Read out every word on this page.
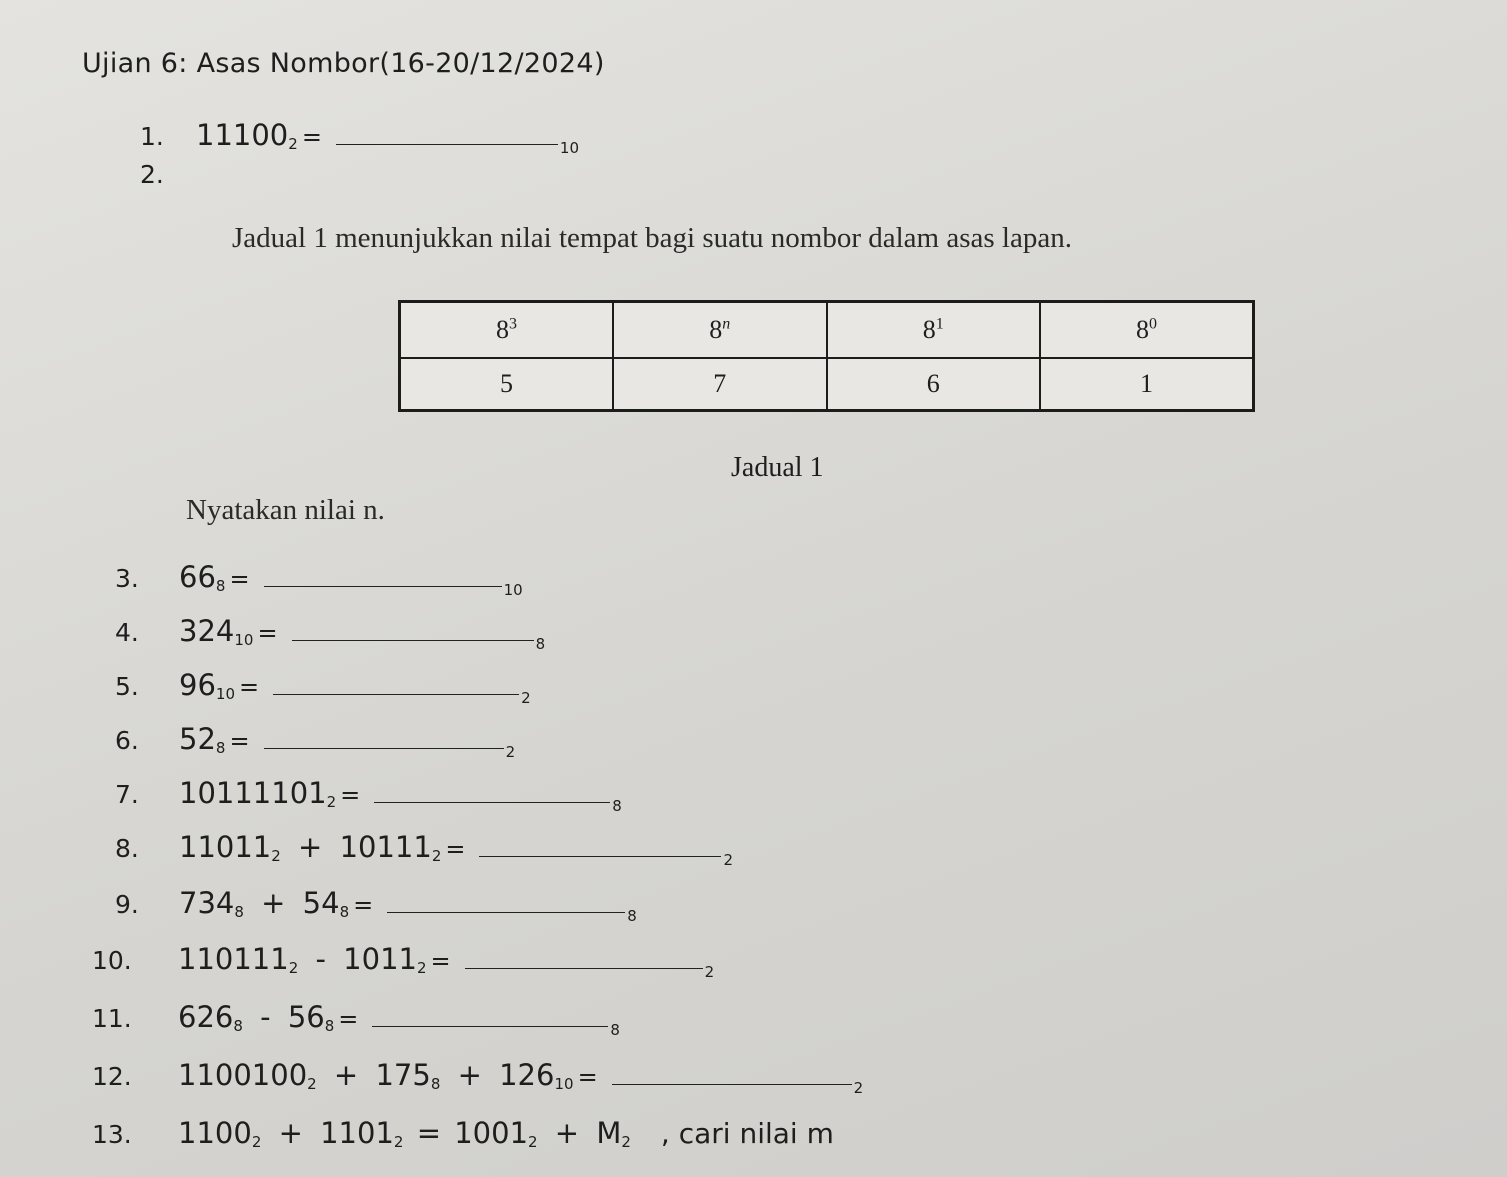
Ujian 6: Asas Nombor(16-20/12/2024)
1.	$11100_2$ =	10
2.
Jadual 1 menunjukkan nilai tempat bagi suatu nombor dalam asas lapan.
$8^3$	8$^n$	$8^1$	$8^0$
5	7	6	1
Jadual 1
Nyatakan nilai n.
3.	$66_8$ =	10
4.	$324_{10}$ =	8
5.	$96_{10}$ =	2
6.	$52_8$ =	2
7.	$10111101_2$ =	8
8.	$11011_2 + 10111_2$ =	2
9.	$734_8 + 54_8$ =	8
10.	$110111_2 - 1011_2$ =	2
11.	$626_8 - 56_8$ =	8
12.	$1100100_2 + 175_8 + 126_{10}$ =	2
13.	$1100_2 + 1101_2 = 1001_2 + M_2$ , cari nilai m
